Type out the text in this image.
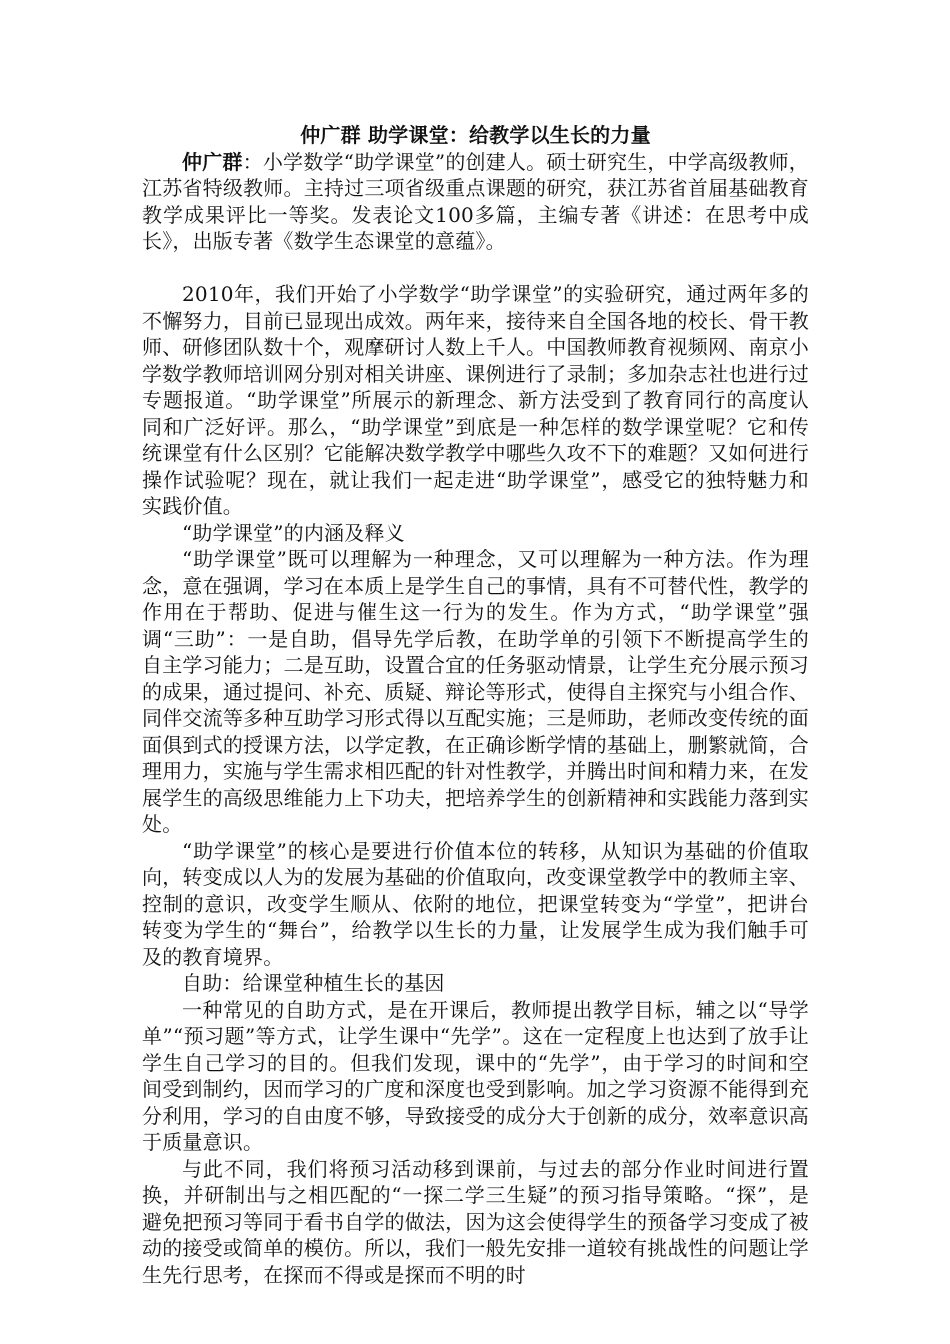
仲广群 助学课堂：给教学以生长的力量

仲广群：小学数学“助学课堂”的创建人。硕士研究生，中学高级教师，江苏省特级教师。主持过三项省级重点课题的研究，获江苏省首届基础教育教学成果评比一等奖。发表论文100多篇，主编专著《讲述：在思考中成长》，出版专著《数学生态课堂的意蕴》。

2010年，我们开始了小学数学“助学课堂”的实验研究，通过两年多的不懈努力，目前已显现出成效。两年来，接待来自全国各地的校长、骨干教师、研修团队数十个，观摩研讨人数上千人。中国教师教育视频网、南京小学数学教师培训网分别对相关讲座、课例进行了录制；多加杂志社也进行过专题报道。“助学课堂”所展示的新理念、新方法受到了教育同行的高度认同和广泛好评。那么，“助学课堂”到底是一种怎样的数学课堂呢？它和传统课堂有什么区别？它能解决数学教学中哪些久攻不下的难题？又如何进行操作试验呢？现在，就让我们一起走进“助学课堂”，感受它的独特魅力和实践价值。

“助学课堂”的内涵及释义

“助学课堂”既可以理解为一种理念，又可以理解为一种方法。作为理念，意在强调，学习在本质上是学生自己的事情，具有不可替代性，教学的作用在于帮助、促进与催生这一行为的发生。作为方式，“助学课堂”强调“三助”：一是自助，倡导先学后教，在助学单的引领下不断提高学生的自主学习能力；二是互助，设置合宜的任务驱动情景，让学生充分展示预习的成果，通过提问、补充、质疑、辩论等形式，使得自主探究与小组合作、同伴交流等多种互助学习形式得以互配实施；三是师助，老师改变传统的面面俱到式的授课方法，以学定教，在正确诊断学情的基础上，删繁就简，合理用力，实施与学生需求相匹配的针对性教学，并腾出时间和精力来，在发展学生的高级思维能力上下功夫，把培养学生的创新精神和实践能力落到实处。

“助学课堂”的核心是要进行价值本位的转移，从知识为基础的价值取向，转变成以人为的发展为基础的价值取向，改变课堂教学中的教师主宰、控制的意识，改变学生顺从、依附的地位，把课堂转变为“学堂”，把讲台转变为学生的“舞台”，给教学以生长的力量，让发展学生成为我们触手可及的教育境界。

自助：给课堂种植生长的基因

一种常见的自助方式，是在开课后，教师提出教学目标，辅之以“导学单”“预习题”等方式，让学生课中“先学”。这在一定程度上也达到了放手让学生自己学习的目的。但我们发现，课中的“先学”，由于学习的时间和空间受到制约，因而学习的广度和深度也受到影响。加之学习资源不能得到充分利用，学习的自由度不够，导致接受的成分大于创新的成分，效率意识高于质量意识。

与此不同，我们将预习活动移到课前，与过去的部分作业时间进行置换，并研制出与之相匹配的“一探二学三生疑”的预习指导策略。“探”，是避免把预习等同于看书自学的做法，因为这会使得学生的预备学习变成了被动的接受或简单的模仿。所以，我们一般先安排一道较有挑战性的问题让学生先行思考，在探而不得或是探而不明的时
